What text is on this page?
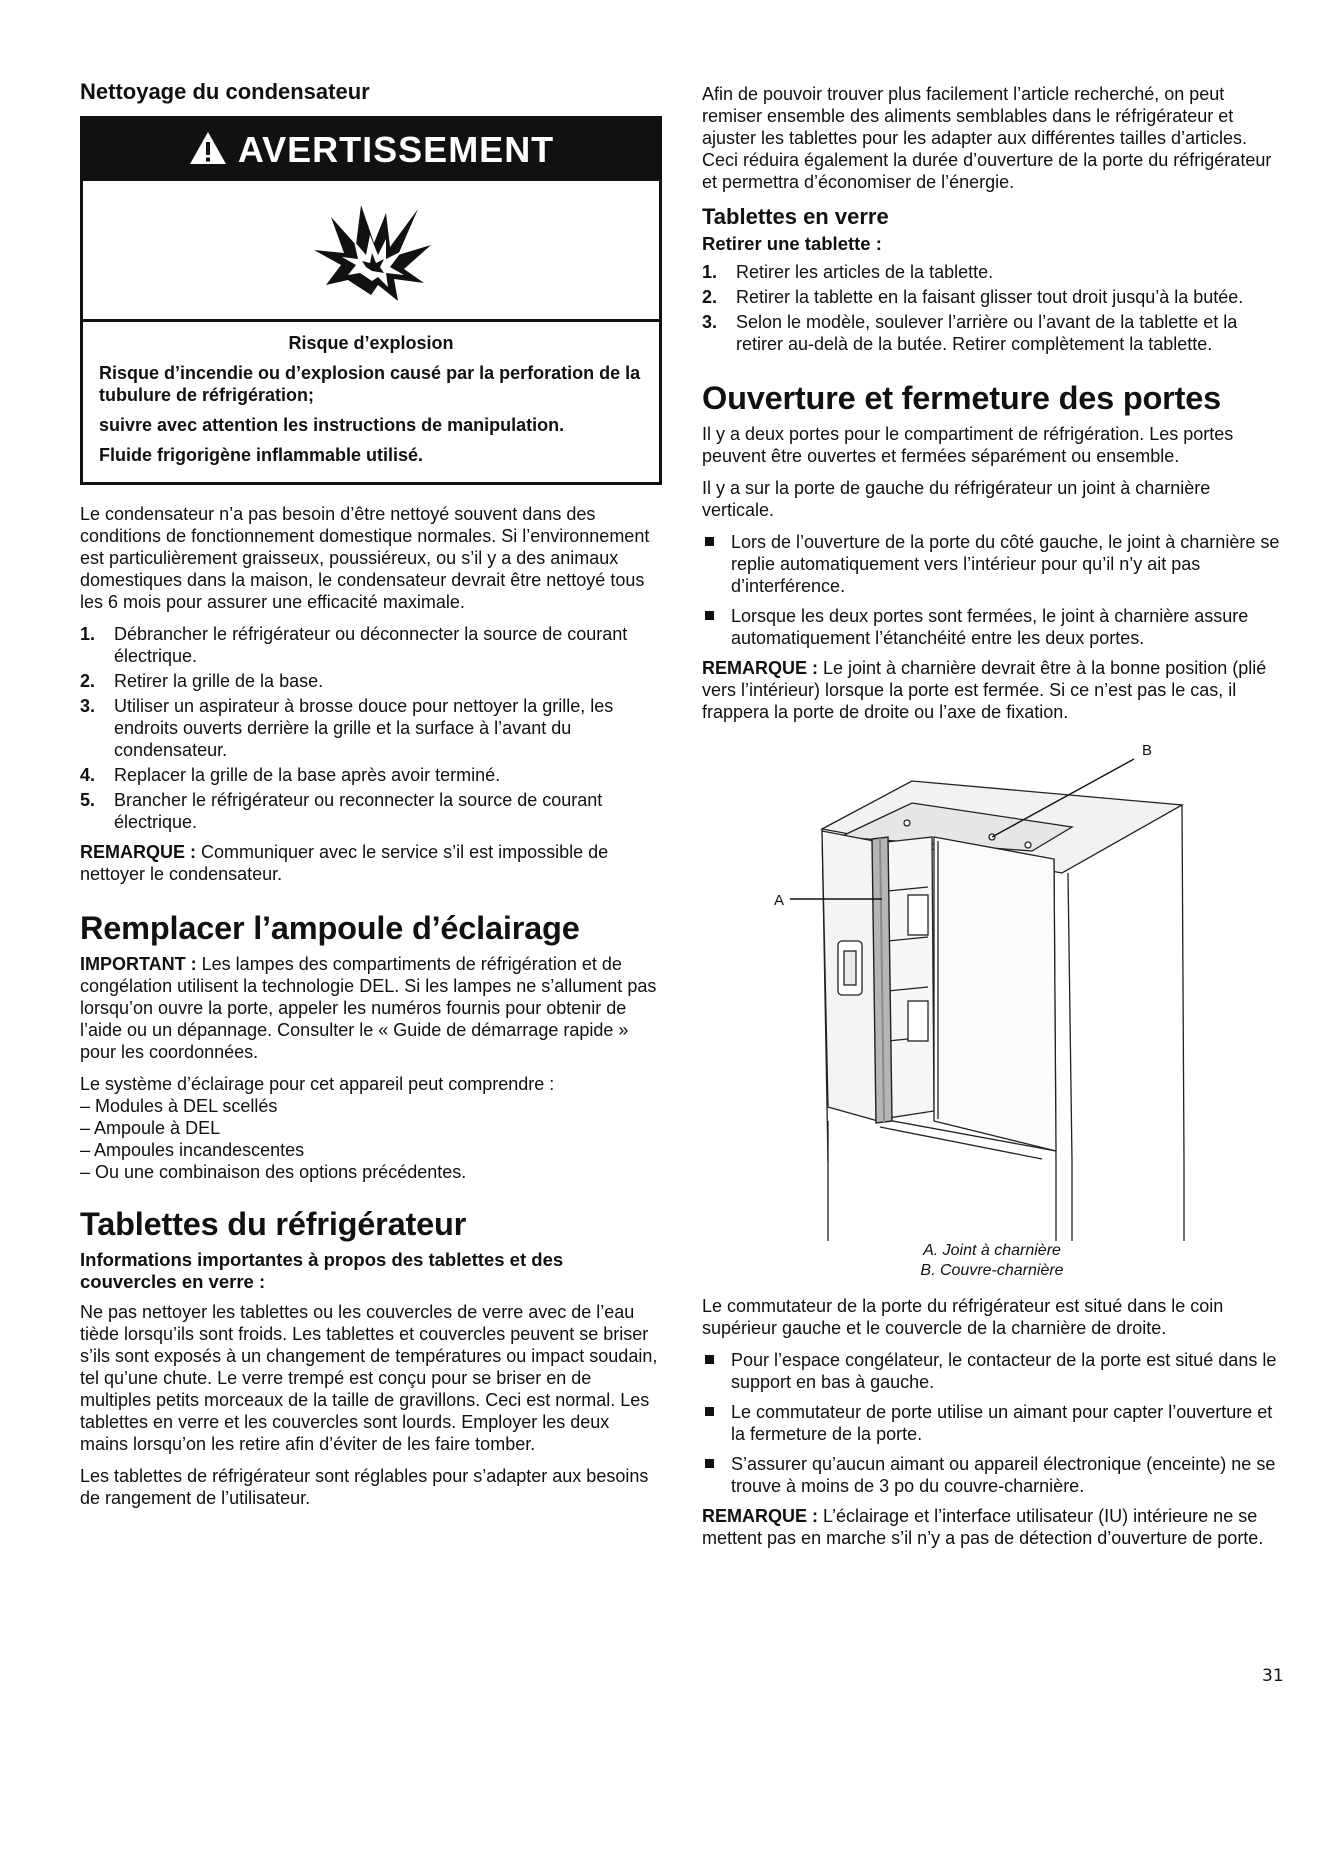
Nettoyage du condensateur
AVERTISSEMENT

Risque d’explosion

Risque d’incendie ou d’explosion causé par la perforation de la tubulure de réfrigération;

suivre avec attention les instructions de manipulation.

Fluide frigorigène inflammable utilisé.

Le condensateur n’a pas besoin d’être nettoyé souvent dans des conditions de fonctionnement domestique normales. Si l’environnement est particulièrement graisseux, poussiéreux, ou s’il y a des animaux domestiques dans la maison, le condensateur devrait être nettoyé tous les 6 mois pour assurer une efficacité maximale.

1. Débrancher le réfrigérateur ou déconnecter la source de courant électrique.
2. Retirer la grille de la base.
3. Utiliser un aspirateur à brosse douce pour nettoyer la grille, les endroits ouverts derrière la grille et la surface à l’avant du condensateur.
4. Replacer la grille de la base après avoir terminé.
5. Brancher le réfrigérateur ou reconnecter la source de courant électrique.

REMARQUE : Communiquer avec le service s’il est impossible de nettoyer le condensateur.

Remplacer l’ampoule d’éclairage

IMPORTANT : Les lampes des compartiments de réfrigération et de congélation utilisent la technologie DEL. Si les lampes ne s’allument pas lorsqu’on ouvre la porte, appeler les numéros fournis pour obtenir de l’aide ou un dépannage. Consulter le « Guide de démarrage rapide » pour les coordonnées.

Le système d’éclairage pour cet appareil peut comprendre :

– Modules à DEL scellés
– Ampoule à DEL
– Ampoules incandescentes
– Ou une combinaison des options précédentes.
Tablettes du réfrigérateur
Informations importantes à propos des tablettes et des couvercles en verre :

Ne pas nettoyer les tablettes ou les couvercles de verre avec de l’eau tiède lorsqu’ils sont froids. Les tablettes et couvercles peuvent se briser s’ils sont exposés à un changement de températures ou impact soudain, tel qu’une chute. Le verre trempé est conçu pour se briser en de multiples petits morceaux de la taille de gravillons. Ceci est normal. Les tablettes en verre et les couvercles sont lourds. Employer les deux mains lorsqu’on les retire afin d’éviter de les faire tomber.

Les tablettes de réfrigérateur sont réglables pour s’adapter aux besoins de rangement de l’utilisateur.

Afin de pouvoir trouver plus facilement l’article recherché, on peut remiser ensemble des aliments semblables dans le réfrigérateur et ajuster les tablettes pour les adapter aux différentes tailles d’articles. Ceci réduira également la durée d’ouverture de la porte du réfrigérateur et permettra d’économiser de l’énergie.

Tablettes en verre
Retirer une tablette :
1. Retirer les articles de la tablette.
2. Retirer la tablette en la faisant glisser tout droit jusqu’à la butée.
3. Selon le modèle, soulever l’arrière ou l’avant de la tablette et la retirer au-delà de la butée. Retirer complètement la tablette.
Ouverture et fermeture des portes

Il y a deux portes pour le compartiment de réfrigération. Les portes peuvent être ouvertes et fermées séparément ou ensemble.

Il y a sur la porte de gauche du réfrigérateur un joint à charnière verticale.

Lors de l’ouverture de la porte du côté gauche, le joint à charnière se replie automatiquement vers l’intérieur pour qu’il n’y ait pas d’interférence.
Lorsque les deux portes sont fermées, le joint à charnière assure automatiquement l’étanchéité entre les deux portes.

REMARQUE : Le joint à charnière devrait être à la bonne position (plié vers l’intérieur) lorsque la porte est fermée. Si ce n’est pas le cas, il frappera la porte de droite ou l’axe de fixation.

A
B
A. Joint à charnière
B. Couvre-charnière

Le commutateur de la porte du réfrigérateur est situé dans le coin supérieur gauche et le couvercle de la charnière de droite.

Pour l’espace congélateur, le contacteur de la porte est situé dans le support en bas à gauche.
Le commutateur de porte utilise un aimant pour capter l’ouverture et la fermeture de la porte.
S’assurer qu’aucun aimant ou appareil électronique (enceinte) ne se trouve à moins de 3 po du couvre-charnière.

REMARQUE : L’éclairage et l’interface utilisateur (IU) intérieure ne se mettent pas en marche s’il n’y a pas de détection d’ouverture de porte.

31
